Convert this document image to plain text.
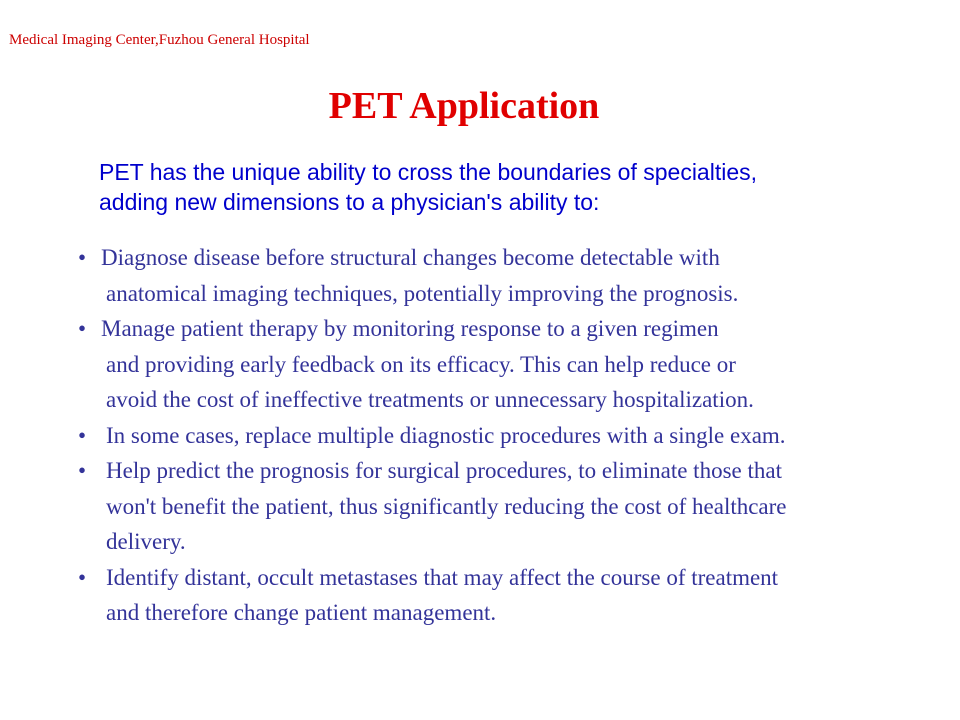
Medical Imaging Center,Fuzhou General Hospital
PET Application
PET has the unique ability to cross the boundaries of specialties,
adding new dimensions to a physician's ability to:
• Diagnose disease before structural changes become detectable with
anatomical imaging techniques, potentially improving the prognosis.
• Manage patient therapy by monitoring response to a given regimen
and providing early feedback on its efficacy. This can help reduce or
avoid the cost of ineffective treatments or unnecessary hospitalization.
• In some cases, replace multiple diagnostic procedures with a single exam.
• Help predict the prognosis for surgical procedures, to eliminate those that
won't benefit the patient, thus significantly reducing the cost of healthcare
delivery.
• Identify distant, occult metastases that may affect the course of treatment
and therefore change patient management.
